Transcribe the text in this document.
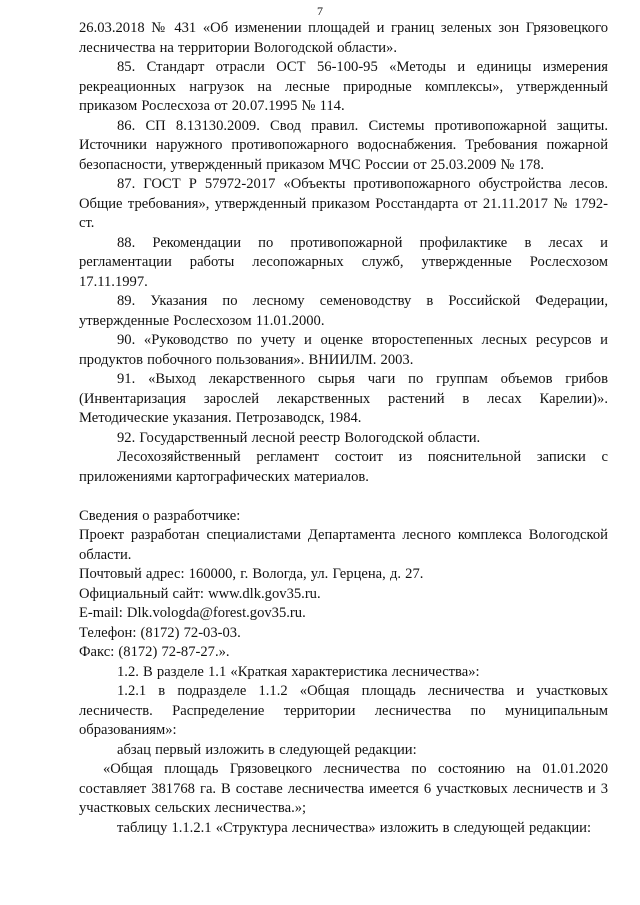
7

26.03.2018 № 431 «Об изменении площадей и границ зеленых зон Грязовецкого лесничества на территории Вологодской области».

85. Стандарт отрасли ОСТ 56-100-95 «Методы и единицы измерения рекреационных нагрузок на лесные природные комплексы», утвержденный приказом Рослесхоза от 20.07.1995 № 114.

86. СП 8.13130.2009. Свод правил. Системы противопожарной защиты. Источники наружного противопожарного водоснабжения. Требования пожарной безопасности, утвержденный приказом МЧС России от 25.03.2009 № 178.

87. ГОСТ Р 57972-2017 «Объекты противопожарного обустройства лесов. Общие требования», утвержденный приказом Росстандарта от 21.11.2017 № 1792-ст.

88. Рекомендации по противопожарной профилактике в лесах и регламентации работы лесопожарных служб, утвержденные Рослесхозом 17.11.1997.

89. Указания по лесному семеноводству в Российской Федерации, утвержденные Рослесхозом 11.01.2000.

90. «Руководство по учету и оценке второстепенных лесных ресурсов и продуктов побочного пользования». ВНИИЛМ. 2003.

91. «Выход лекарственного сырья чаги по группам объемов грибов (Инвентаризация зарослей лекарственных растений в лесах Карелии)». Методические указания. Петрозаводск, 1984.

92. Государственный лесной реестр Вологодской области.

Лесохозяйственный регламент состоит из пояснительной записки с приложениями картографических материалов.

Сведения о разработчике:

Проект разработан специалистами Департамента лесного комплекса Вологодской области.

Почтовый адрес: 160000, г. Вологда, ул. Герцена, д. 27.

Официальный сайт: www.dlk.gov35.ru.

E-mail: Dlk.vologda@forest.gov35.ru.

Телефон: (8172) 72-03-03.

Факс: (8172) 72-87-27.».

1.2. В разделе 1.1 «Краткая характеристика лесничества»:

1.2.1 в подразделе 1.1.2 «Общая площадь лесничества и участковых лесничеств. Распределение территории лесничества по муниципальным образованиям»:

абзац первый изложить в следующей редакции:

«Общая площадь Грязовецкого лесничества по состоянию на 01.01.2020 составляет 381768 га. В составе лесничества имеется 6 участковых лесничеств и 3 участковых сельских лесничества.»;

таблицу 1.1.2.1 «Структура лесничества» изложить в следующей редакции:
